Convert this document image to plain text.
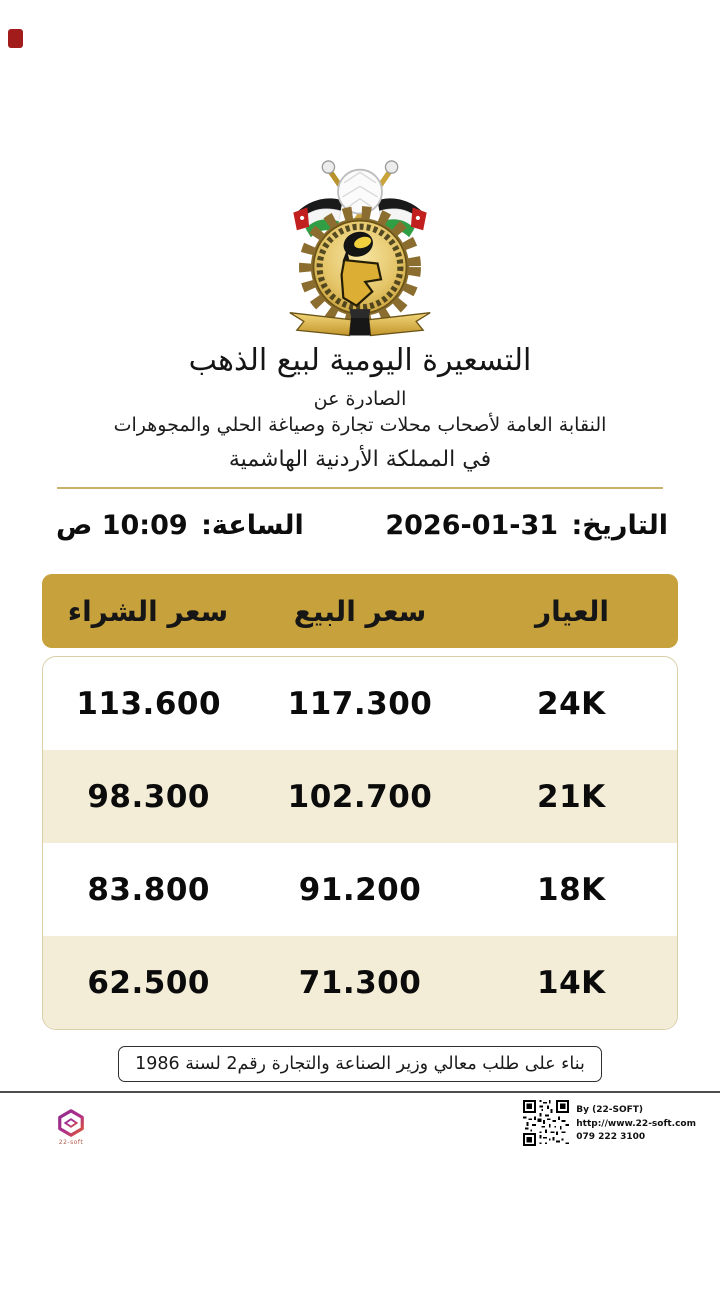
التسعيرة اليومية لبيع الذهب
الصادرة عن
النقابة العامة لأصحاب محلات تجارة وصياغة الحلي والمجوهرات
في المملكة الأردنية الهاشمية
التاريخ: 31-01-2026
الساعة: 10:09 ص
العيار
سعر البيع
سعر الشراء
24K
117.300
113.600
21K
102.700
98.300
18K
91.200
83.800
14K
71.300
62.500
بناء على طلب معالي وزير الصناعة والتجارة رقم2 لسنة 1986
22-soft
By (22-SOFT)
http://www.22-soft.com
079 222 3100
